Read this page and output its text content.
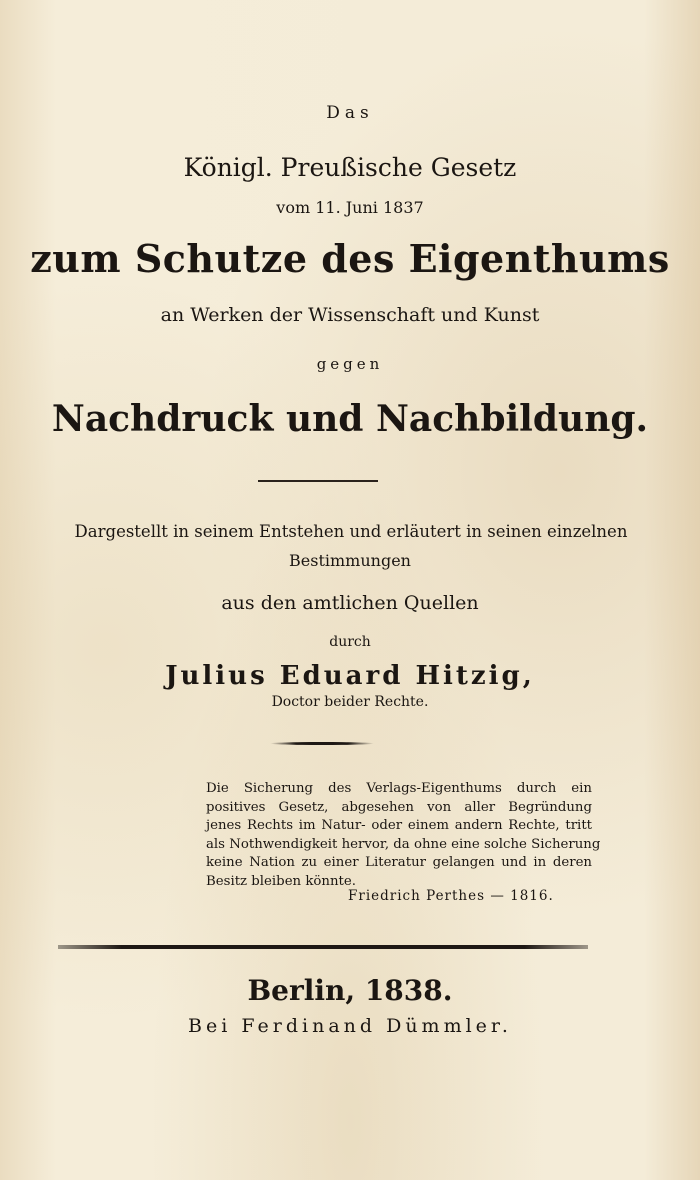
Das
Königl. Preußische Gesetz
vom 11. Juni 1837
zum Schutze des Eigenthums
an Werken der Wissenschaft und Kunst
gegen
Nachdruck und Nachbildung.
Dargestellt in seinem Entstehen und erläutert in seinen einzelnen
Bestimmungen
aus den amtlichen Quellen
durch
Julius Eduard Hitzig,
Doctor beider Rechte.
Die Sicherung des Verlags-Eigenthums durch ein
positives Gesetz, abgesehen von aller Begründung
jenes Rechts im Natur- oder einem andern Rechte, tritt
als Nothwendigkeit hervor, da ohne eine solche Sicherung
keine Nation zu einer Literatur gelangen und in deren
Besitz bleiben könnte.
Friedrich Perthes — 1816.
Berlin, 1838.
Bei Ferdinand Dümmler.
